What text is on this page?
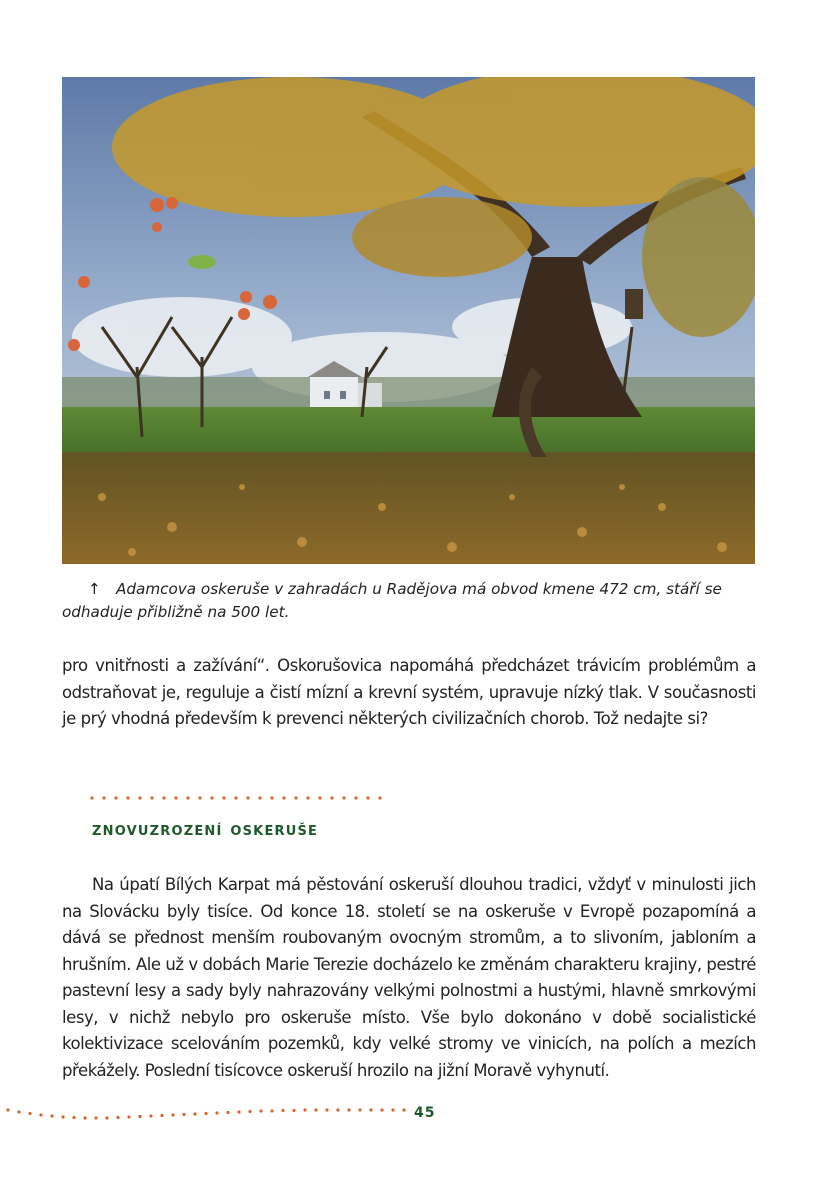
↑ Adamcova oskeruše v zahradách u Radějova má obvod kmene 472 cm, stáří se odhaduje přibližně na 500 let.

pro vnitřnosti a zažívání“. Oskorušovica napomáhá předcházet trávicím problémům a odstraňovat je, reguluje a čistí mízní a krevní systém, upravuje nízký tlak. V současnosti je prý vhodná především k prevenci některých civilizačních chorob. Tož nedajte si?

znovuzrození oskeruše

Na úpatí Bílých Karpat má pěstování oskeruší dlouhou tradici, vždyť v minulosti jich na Slovácku byly tisíce. Od konce 18. století se na oskeruše v Evropě pozapomíná a dává se přednost menším roubovaným ovocným stromům, a to slivoním, jabloním a hrušním. Ale už v dobách Marie Terezie docházelo ke změnám charakteru krajiny, pestré pastevní lesy a sady byly nahrazovány velkými polnostmi a hustými, hlavně smrkovými lesy, v nichž nebylo pro oskeruše místo. Vše bylo dokonáno v době socialistické kolektivizace scelováním pozemků, kdy velké stromy ve vinicích, na polích a mezích překážely. Poslední tisícovce oskeruší hrozilo na jižní Moravě vyhynutí.

45
